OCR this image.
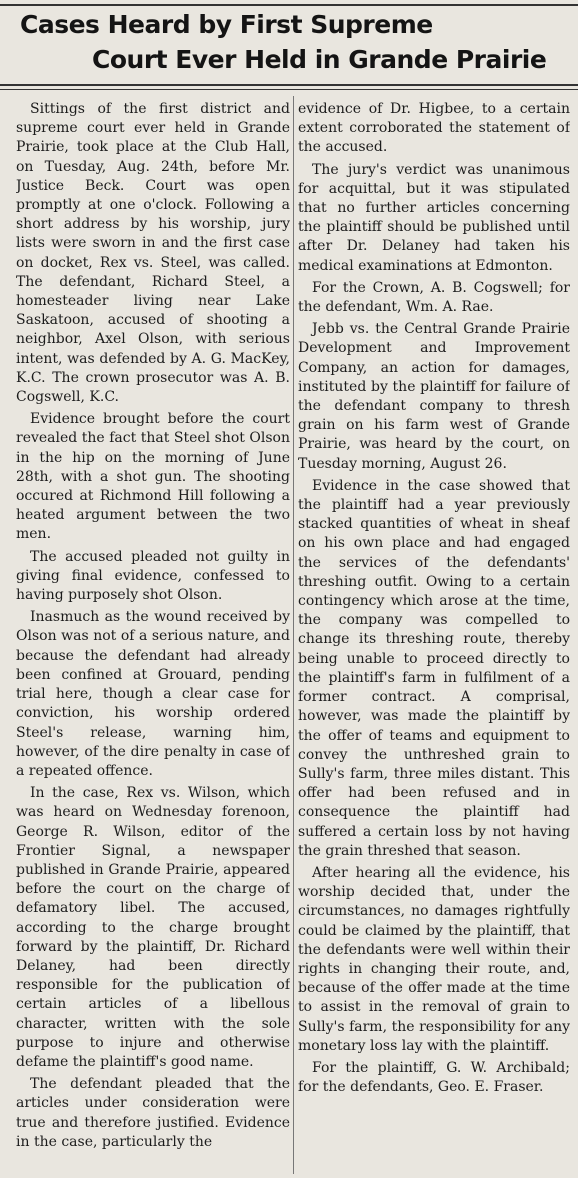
Cases Heard by First Supreme
Court Ever Held in Grande Prairie

Sittings of the first district and supreme court ever held in Grande Prairie, took place at the Club Hall, on Tuesday, Aug. 24th, before Mr. Justice Beck. Court was open promptly at one o'clock. Following a short address by his worship, jury lists were sworn in and the first case on docket, Rex vs. Steel, was called. The defendant, Richard Steel, a homesteader living near Lake Saskatoon, accused of shooting a neighbor, Axel Olson, with serious intent, was defended by A. G. MacKey, K.C. The crown prosecutor was A. B. Cogswell, K.C.

Evidence brought before the court revealed the fact that Steel shot Olson in the hip on the morning of June 28th, with a shot gun. The shooting occured at Richmond Hill following a heated argument between the two men.

The accused pleaded not guilty in giving final evidence, confessed to having purposely shot Olson.

Inasmuch as the wound received by Olson was not of a serious nature, and because the defendant had already been confined at Grouard, pending trial here, though a clear case for conviction, his worship ordered Steel's release, warning him, however, of the dire penalty in case of a repeated offence.

In the case, Rex vs. Wilson, which was heard on Wednesday forenoon, George R. Wilson, editor of the Frontier Signal, a newspaper published in Grande Prairie, appeared before the court on the charge of defamatory libel. The accused, according to the charge brought forward by the plaintiff, Dr. Richard Delaney, had been directly responsible for the publication of certain articles of a libellous character, written with the sole purpose to injure and otherwise defame the plaintiff's good name.

The defendant pleaded that the articles under consideration were true and therefore justified. Evidence in the case, particularly the

evidence of Dr. Higbee, to a certain extent corroborated the statement of the accused.

The jury's verdict was unanimous for acquittal, but it was stipulated that no further articles concerning the plaintiff should be published until after Dr. Delaney had taken his medical examinations at Edmonton.

For the Crown, A. B. Cogswell; for the defendant, Wm. A. Rae.

Jebb vs. the Central Grande Prairie Development and Improvement Company, an action for damages, instituted by the plaintiff for failure of the defendant company to thresh grain on his farm west of Grande Prairie, was heard by the court, on Tuesday morning, August 26.

Evidence in the case showed that the plaintiff had a year previously stacked quantities of wheat in sheaf on his own place and had engaged the services of the defendants' threshing outfit. Owing to a certain contingency which arose at the time, the company was compelled to change its threshing route, thereby being unable to proceed directly to the plaintiff's farm in fulfilment of a former contract. A comprisal, however, was made the plaintiff by the offer of teams and equipment to convey the unthreshed grain to Sully's farm, three miles distant. This offer had been refused and in consequence the plaintiff had suffered a certain loss by not having the grain threshed that season.

After hearing all the evidence, his worship decided that, under the circumstances, no damages rightfully could be claimed by the plaintiff, that the defendants were well within their rights in changing their route, and, because of the offer made at the time to assist in the removal of grain to Sully's farm, the responsibility for any monetary loss lay with the plaintiff.

For the plaintiff, G. W. Archibald; for the defendants, Geo. E. Fraser.
